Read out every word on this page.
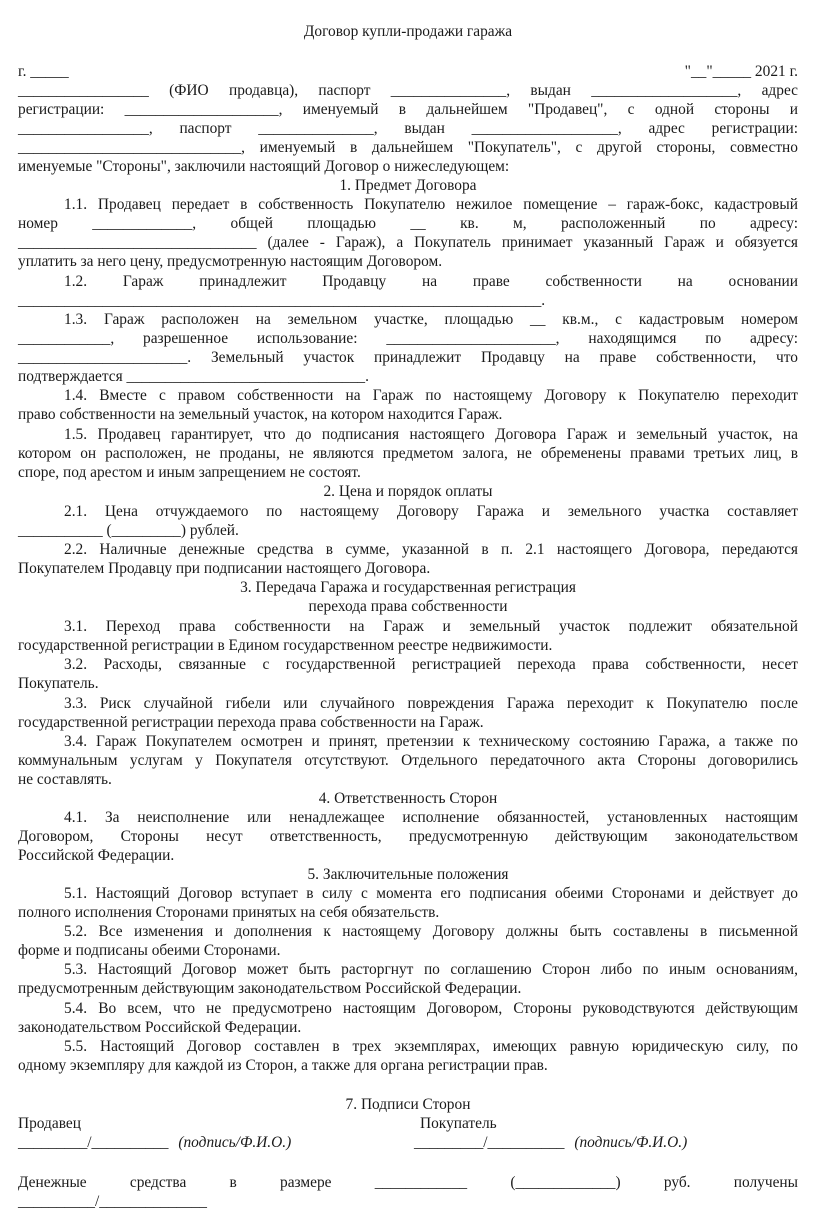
Договор купли-продажи гаража
г. _____	"__"_____ 2021 г.
_________________ (ФИО продавца), паспорт _______________, выдан ___________________, адрес
регистрации: ____________________, именуемый в дальнейшем "Продавец", с одной стороны и
_________________, паспорт _______________, выдан ___________________, адрес регистрации:
_____________________________, именуемый в дальнейшем "Покупатель", с другой стороны, совместно
именуемые "Стороны", заключили настоящий Договор о нижеследующем:
1. Предмет Договора
1.1. Продавец передает в собственность Покупателю нежилое помещение – гараж-бокс, кадастровый
номер _____________, общей площадью __ кв. м, расположенный по адресу:
_______________________________ (далее - Гараж), а Покупатель принимает указанный Гараж и обязуется
уплатить за него цену, предусмотренную настоящим Договором.
1.2. Гараж принадлежит Продавцу на праве собственности на основании
____________________________________________________________________.
1.3. Гараж расположен на земельном участке, площадью __ кв.м., с кадастровым номером
____________, разрешенное использование: ______________________, находящимся по адресу:
______________________. Земельный участок принадлежит Продавцу на праве собственности, что
подтверждается _______________________________.
1.4. Вместе с правом собственности на Гараж по настоящему Договору к Покупателю переходит
право собственности на земельный участок, на котором находится Гараж.
1.5. Продавец гарантирует, что до подписания настоящего Договора Гараж и земельный участок, на
котором он расположен, не проданы, не являются предметом залога, не обременены правами третьих лиц, в
споре, под арестом и иным запрещением не состоят.
2. Цена и порядок оплаты
2.1. Цена отчуждаемого по настоящему Договору Гаража и земельного участка составляет
___________ (_________) рублей.
2.2. Наличные денежные средства в сумме, указанной в п. 2.1 настоящего Договора, передаются
Покупателем Продавцу при подписании настоящего Договора.
3. Передача Гаража и государственная регистрация
перехода права собственности
3.1. Переход права собственности на Гараж и земельный участок подлежит обязательной
государственной регистрации в Едином государственном реестре недвижимости.
3.2. Расходы, связанные с государственной регистрацией перехода права собственности, несет
Покупатель.
3.3. Риск случайной гибели или случайного повреждения Гаража переходит к Покупателю после
государственной регистрации перехода права собственности на Гараж.
3.4. Гараж Покупателем осмотрен и принят, претензии к техническому состоянию Гаража, а также по
коммунальным услугам у Покупателя отсутствуют. Отдельного передаточного акта Стороны договорились
не составлять.
4. Ответственность Сторон
4.1. За неисполнение или ненадлежащее исполнение обязанностей, установленных настоящим
Договором, Стороны несут ответственность, предусмотренную действующим законодательством
Российской Федерации.
5. Заключительные положения
5.1. Настоящий Договор вступает в силу с момента его подписания обеими Сторонами и действует до
полного исполнения Сторонами принятых на себя обязательств.
5.2. Все изменения и дополнения к настоящему Договору должны быть составлены в письменной
форме и подписаны обеими Сторонами.
5.3. Настоящий Договор может быть расторгнут по соглашению Сторон либо по иным основаниям,
предусмотренным действующим законодательством Российской Федерации.
5.4. Во всем, что не предусмотрено настоящим Договором, Стороны руководствуются действующим
законодательством Российской Федерации.
5.5. Настоящий Договор составлен в трех экземплярах, имеющих равную юридическую силу, по
одному экземпляру для каждой из Сторон, а также для органа регистрации прав.
7. Подписи Сторон
Продавец	Покупатель
_________/__________ (подпись/Ф.И.О.)	_________/__________ (подпись/Ф.И.О.)
Денежные средства в размере ____________ (_____________) руб. получены
__________/______________
